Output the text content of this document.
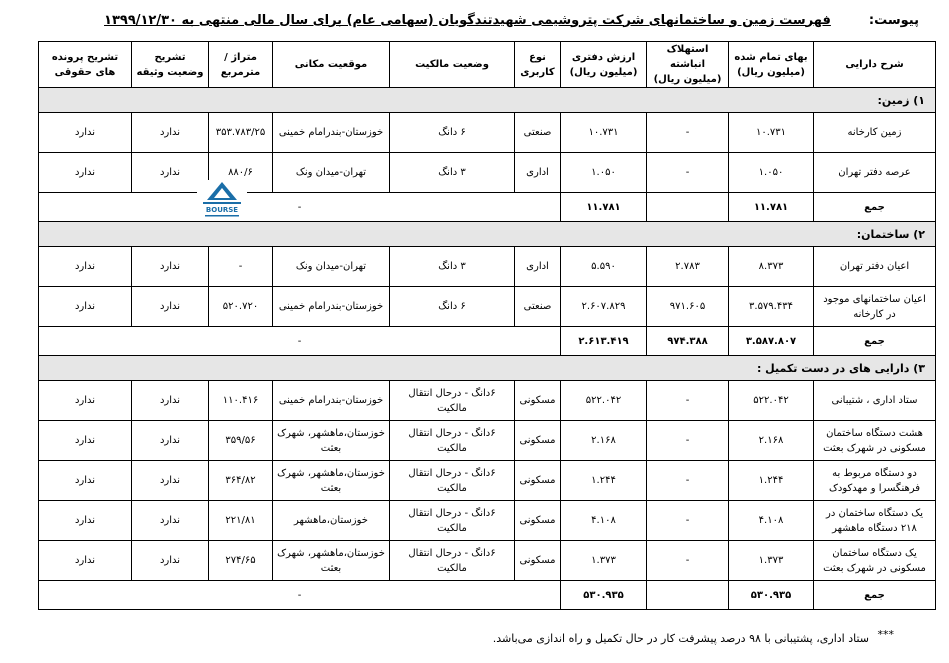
پیوست:
فهرست زمین و ساختمانهای شرکت پتروشیمی شهیدتندگویان (سهامی عام) برای سال مالی منتهی به ۱۳۹۹/۱۲/۳۰
شرح دارایی	بهای تمام شده (میلیون ریال)	استهلاک انباشته (میلیون ریال)	ارزش دفتری (میلیون ریال)	نوع کاربری	وضعیت مالکیت	موقعیت مکانی	متراژ / مترمربع	تشریح وضعیت وثیقه	تشریح پرونده های حقوقی
۱) زمین:									
زمین کارخانه	۱۰.۷۳۱	-	۱۰.۷۳۱	صنعتی	۶ دانگ	خوزستان-بندرامام خمینی	۳۵۳.۷۸۳/۲۵	ندارد	ندارد
عرصه دفتر تهران	۱.۰۵۰	-	۱.۰۵۰	اداری	۳ دانگ	تهران-میدان ونک	۸۸۰/۶	ندارد	ندارد
جمع	۱۱.۷۸۱		۱۱.۷۸۱	-					
۲) ساختمان:									
اعیان دفتر تهران	۸.۳۷۳	۲.۷۸۳	۵.۵۹۰	اداری	۳ دانگ	تهران-میدان ونک	-	ندارد	ندارد
اعیان ساختمانهای موجود در کارخانه	۳.۵۷۹.۴۳۴	۹۷۱.۶۰۵	۲.۶۰۷.۸۲۹	صنعتی	۶ دانگ	خوزستان-بندرامام خمینی	۵۲۰.۷۲۰	ندارد	ندارد
جمع	۳.۵۸۷.۸۰۷	۹۷۴.۳۸۸	۲.۶۱۳.۴۱۹	-					
۳) دارایی های در دست تکمیل :									
ستاد اداری ، شتیبانی	۵۲۲.۰۴۲	-	۵۲۲.۰۴۲	مسکونی	۶دانگ - درحال انتقال مالکیت	خوزستان-بندرامام خمینی	۱۱۰.۴۱۶	ندارد	ندارد
هشت دستگاه ساختمان مسکونی در شهرک بعثت	۲.۱۶۸	-	۲.۱۶۸	مسکونی	۶دانگ - درحال انتقال مالکیت	خوزستان،ماهشهر، شهرک بعثت	۳۵۹/۵۶	ندارد	ندارد
دو دستگاه مربوط به فرهنگسرا و مهدکودک	۱.۲۴۴	-	۱.۲۴۴	مسکونی	۶دانگ - درحال انتقال مالکیت	خوزستان،ماهشهر، شهرک بعثت	۳۶۴/۸۲	ندارد	ندارد
یک دستگاه ساختمان در ۲۱۸ دستگاه ماهشهر	۴.۱۰۸	-	۴.۱۰۸	مسکونی	۶دانگ - درحال انتقال مالکیت	خوزستان،ماهشهر	۲۲۱/۸۱	ندارد	ندارد
یک دستگاه ساختمان مسکونی در شهرک بعثت	۱.۳۷۳	-	۱.۳۷۳	مسکونی	۶دانگ - درحال انتقال مالکیت	خوزستان،ماهشهر، شهرک بعثت	۲۷۴/۶۵	ندارد	ندارد
جمع	۵۳۰.۹۳۵		۵۳۰.۹۳۵	-					
BOURSE
***
ستاد اداری، پشتیبانی با ۹۸ درصد پیشرفت کار در حال تکمیل و راه اندازی می‌باشد.
